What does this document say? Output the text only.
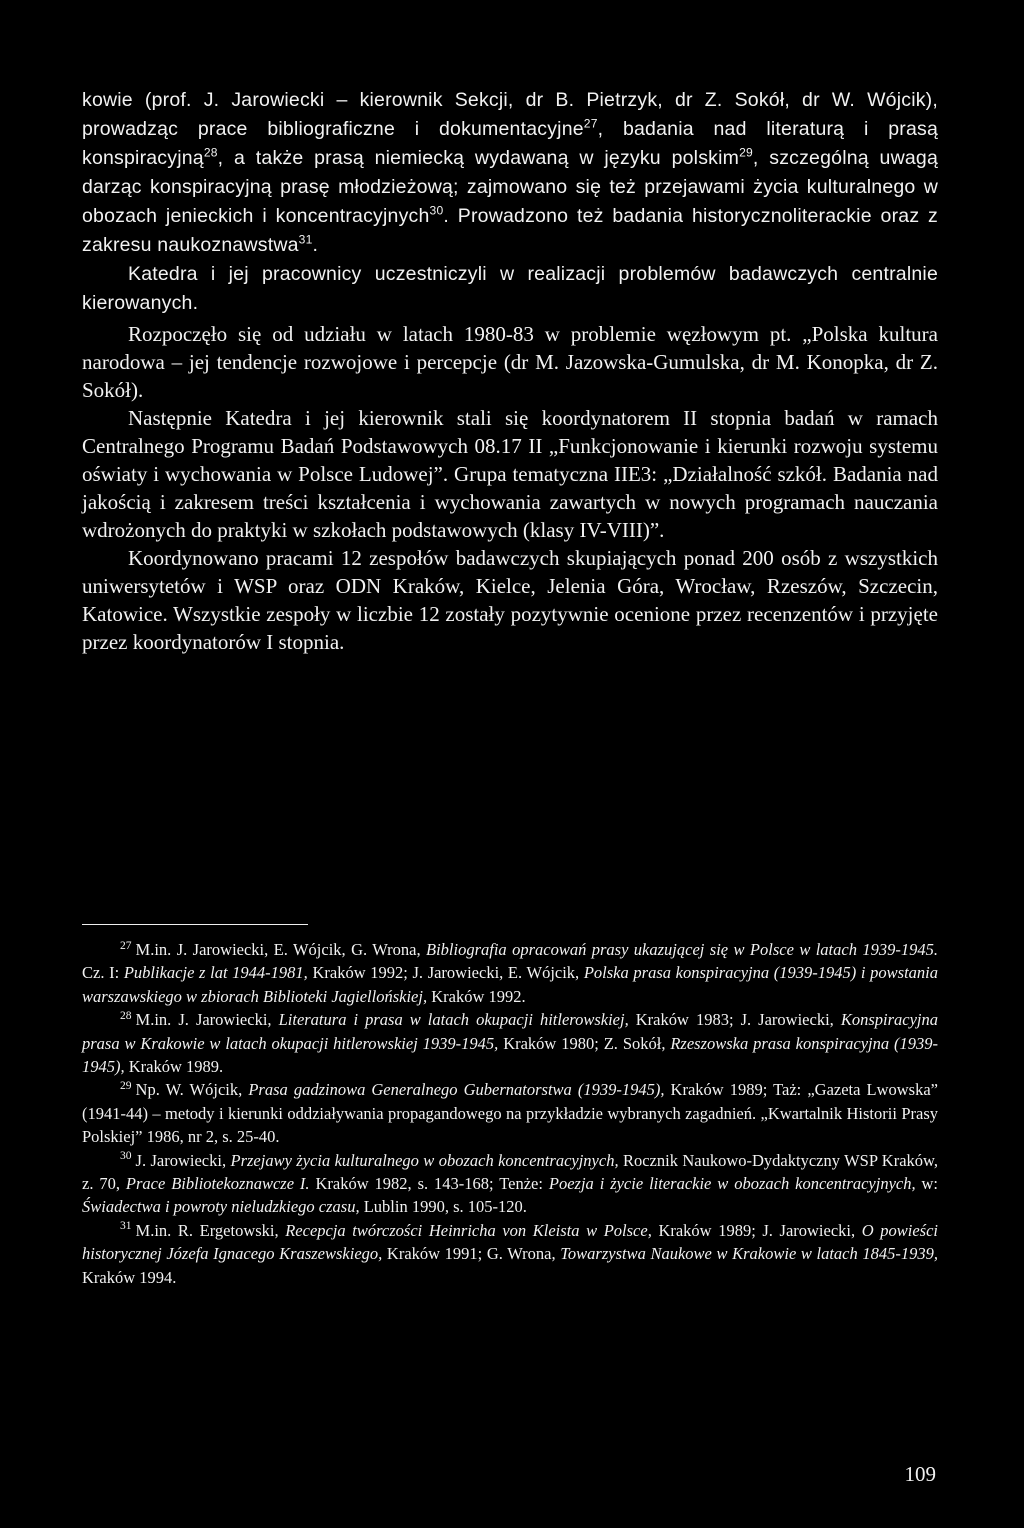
kowie (prof. J. Jarowiecki – kierownik Sekcji, dr B. Pietrzyk, dr Z. Sokół, dr W. Wójcik), prowadząc prace bibliograficzne i dokumentacyjne$^{27}$, badania nad literaturą i prasą konspiracyjną$^{28}$, a także prasą niemiecką wydawaną w języku polskim$^{29}$, szczególną uwagą darząc konspiracyjną prasę młodzieżową; zajmowano się też przejawami życia kulturalnego w obozach jenieckich i koncentracyjnych$^{30}$. Prowadzono też badania historycznoliterackie oraz z zakresu naukoznawstwa$^{31}$.

Katedra i jej pracownicy uczestniczyli w realizacji problemów badawczych centralnie kierowanych.

Rozpoczęło się od udziału w latach 1980-83 w problemie węzłowym pt. „Polska kultura narodowa – jej tendencje rozwojowe i percepcje (dr M. Jazowska-Gumulska, dr M. Konopka, dr Z. Sokół).

Następnie Katedra i jej kierownik stali się koordynatorem II stopnia badań w ramach Centralnego Programu Badań Podstawowych 08.17 II „Funkcjonowanie i kierunki rozwoju systemu oświaty i wychowania w Polsce Ludowej”. Grupa tematyczna IIE3: „Działalność szkół. Badania nad jakością i zakresem treści kształcenia i wychowania zawartych w nowych programach nauczania wdrożonych do praktyki w szkołach podstawowych (klasy IV-VIII)”.

Koordynowano pracami 12 zespołów badawczych skupiających ponad 200 osób z wszystkich uniwersytetów i WSP oraz ODN Kraków, Kielce, Jelenia Góra, Wrocław, Rzeszów, Szczecin, Katowice. Wszystkie zespoły w liczbie 12 zostały pozytywnie ocenione przez recenzentów i przyjęte przez koordynatorów I stopnia.

$^{27}$ M.in. J. Jarowiecki, E. Wójcik, G. Wrona, Bibliografia opracowań prasy ukazującej się w Polsce w latach 1939-1945. Cz. I: Publikacje z lat 1944-1981, Kraków 1992; J. Jarowiecki, E. Wójcik, Polska prasa konspiracyjna (1939-1945) i powstania warszawskiego w zbiorach Biblioteki Jagiellońskiej, Kraków 1992.

$^{28}$ M.in. J. Jarowiecki, Literatura i prasa w latach okupacji hitlerowskiej, Kraków 1983; J. Jarowiecki, Konspiracyjna prasa w Krakowie w latach okupacji hitlerowskiej 1939-1945, Kraków 1980; Z. Sokół, Rzeszowska prasa konspiracyjna (1939-1945), Kraków 1989.

$^{29}$ Np. W. Wójcik, Prasa gadzinowa Generalnego Gubernatorstwa (1939-1945), Kraków 1989; Taż: „Gazeta Lwowska” (1941-44) – metody i kierunki oddziaływania propagandowego na przykładzie wybranych zagadnień. „Kwartalnik Historii Prasy Polskiej” 1986, nr 2, s. 25-40.

$^{30}$ J. Jarowiecki, Przejawy życia kulturalnego w obozach koncentracyjnych, Rocznik Naukowo-Dydaktyczny WSP Kraków, z. 70, Prace Bibliotekoznawcze I. Kraków 1982, s. 143-168; Tenże: Poezja i życie literackie w obozach koncentracyjnych, w: Świadectwa i powroty nieludzkiego czasu, Lublin 1990, s. 105-120.

$^{31}$ M.in. R. Ergetowski, Recepcja twórczości Heinricha von Kleista w Polsce, Kraków 1989; J. Jarowiecki, O powieści historycznej Józefa Ignacego Kraszewskiego, Kraków 1991; G. Wrona, Towarzystwa Naukowe w Krakowie w latach 1845-1939, Kraków 1994.

109
